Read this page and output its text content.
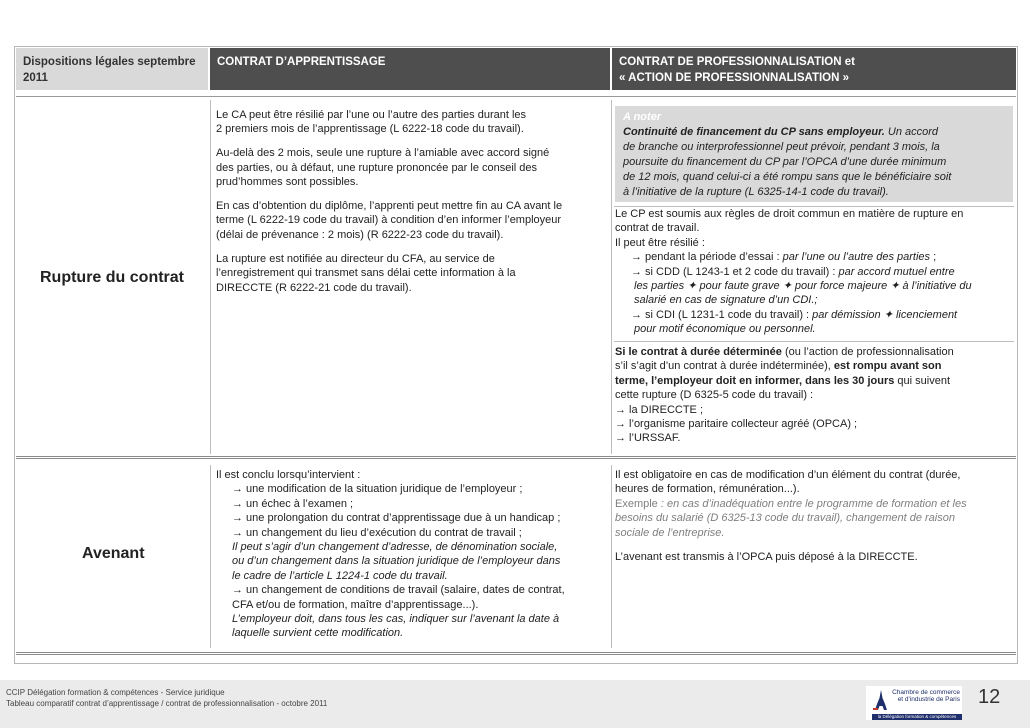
Dispositions légales septembre 2011
CONTRAT D’APPRENTISSAGE	CONTRAT DE PROFESSIONNALISATION et
« ACTION DE PROFESSIONNALISATION »
Rupture du contrat

Le CA peut être résilié par l’une ou l’autre des parties durant les

2 premiers mois de l’apprentissage (L 6222-18 code du travail).

Au-delà des 2 mois, seule une rupture à l’amiable avec accord signé

des parties, ou à défaut, une rupture prononcée par le conseil des

prud’hommes sont possibles.

En cas d’obtention du diplôme, l’apprenti peut mettre fin au CA avant le

terme (L 6222-19 code du travail) à condition d’en informer l’employeur

(délai de prévenance : 2 mois) (R 6222-23 code du travail).

La rupture est notifiée au directeur du CFA, au service de

l’enregistrement qui transmet sans délai cette information à la

DIRECCTE (R 6222-21 code du travail).

A noter
Continuité de financement du CP sans employeur. Un accord
de branche ou interprofessionnel peut prévoir, pendant 3 mois, la
poursuite du financement du CP par l’OPCA d’une durée minimum
de 12 mois, quand celui-ci a été rompu sans que le bénéficiaire soit
à l’initiative de la rupture (L 6325-14-1 code du travail).

Le CP est soumis aux règles de droit commun en matière de rupture en

contrat de travail.

Il peut être résilié :

→ pendant la période d’essai : par l’une ou l’autre des parties ;

→ si CDD (L 1243-1 et 2 code du travail) : par accord mutuel entre

les parties ✦ pour faute grave ✦ pour force majeure ✦ à l’initiative du

salarié en cas de signature d’un CDI.;

→ si CDI (L 1231-1 code du travail) : par démission ✦ licenciement

pour motif économique ou personnel.

Si le contrat à durée déterminée (ou l’action de professionnalisation

s’il s’agit d’un contrat à durée indéterminée), est rompu avant son

terme, l’employeur doit en informer, dans les 30 jours qui suivent

cette rupture (D 6325-5 code du travail) :

→ la DIRECCTE ;

→ l’organisme paritaire collecteur agréé (OPCA) ;

→ l’URSSAF.

Avenant

Il est conclu lorsqu’intervient :

→ une modification de la situation juridique de l’employeur ;

→ un échec à l’examen ;

→ une prolongation du contrat d’apprentissage due à un handicap ;

→ un changement du lieu d’exécution du contrat de travail ;

Il peut s’agir d’un changement d’adresse, de dénomination sociale,

ou d’un changement dans la situation juridique de l’employeur dans

le cadre de l’article L 1224-1 code du travail.

→ un changement de conditions de travail (salaire, dates de contrat,

CFA et/ou de formation, maître d’apprentissage...).

L’employeur doit, dans tous les cas, indiquer sur l’avenant la date à

laquelle survient cette modification.

Il est obligatoire en cas de modification d’un élément du contrat (durée,

heures de formation, rémunération...).

Exemple : en cas d’inadéquation entre le programme de formation et les

besoins du salarié (D 6325-13 code du travail), changement de raison

sociale de l’entreprise.

L’avenant est transmis à l’OPCA puis déposé à la DIRECCTE.

CCIP Délégation formation & compétences - Service juridique
Tableau comparatif contrat d’apprentissage / contrat de professionnalisation - octobre 2011
Chambre de commerce
et d'industrie de Paris
la Délégation formation & compétences
12
